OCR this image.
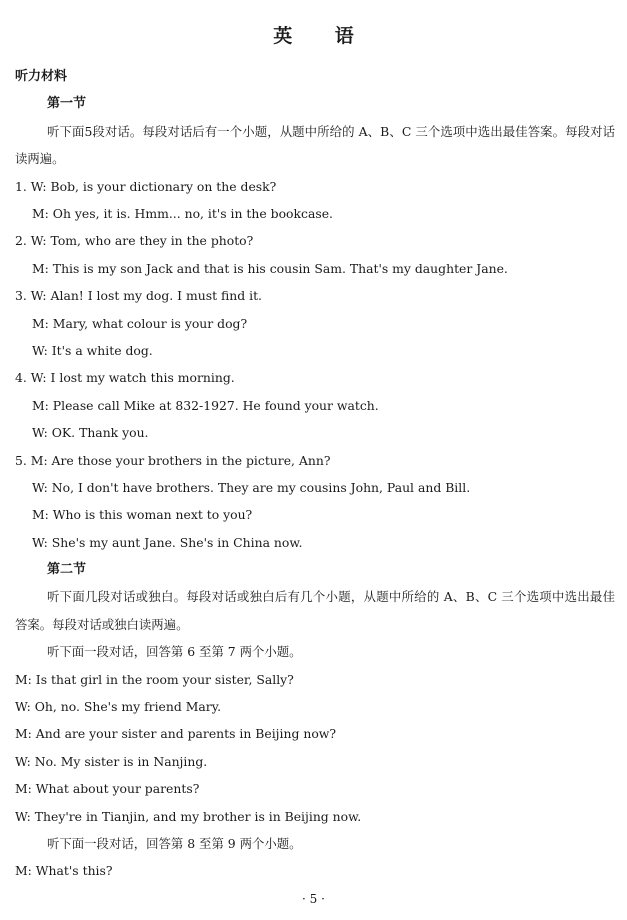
英 语
听力材料
第一节
听下面5段对话。每段对话后有一个小题，从题中所给的 A、B、C 三个选项中选出最佳答案。每段对话读两遍。
1. W: Bob, is your dictionary on the desk?
M: Oh yes, it is. Hmm... no, it's in the bookcase.
2. W: Tom, who are they in the photo?
M: This is my son Jack and that is his cousin Sam. That's my daughter Jane.
3. W: Alan! I lost my dog. I must find it.
M: Mary, what colour is your dog?
W: It's a white dog.
4. W: I lost my watch this morning.
M: Please call Mike at 832-1927. He found your watch.
W: OK. Thank you.
5. M: Are those your brothers in the picture, Ann?
W: No, I don't have brothers. They are my cousins John, Paul and Bill.
M: Who is this woman next to you?
W: She's my aunt Jane. She's in China now.
第二节
听下面几段对话或独白。每段对话或独白后有几个小题，从题中所给的 A、B、C 三个选项中选出最佳答案。每段对话或独白读两遍。
听下面一段对话，回答第 6 至第 7 两个小题。
M: Is that girl in the room your sister, Sally?
W: Oh, no. She's my friend Mary.
M: And are your sister and parents in Beijing now?
W: No. My sister is in Nanjing.
M: What about your parents?
W: They're in Tianjin, and my brother is in Beijing now.
听下面一段对话，回答第 8 至第 9 两个小题。
M: What's this?
· 5 ·
